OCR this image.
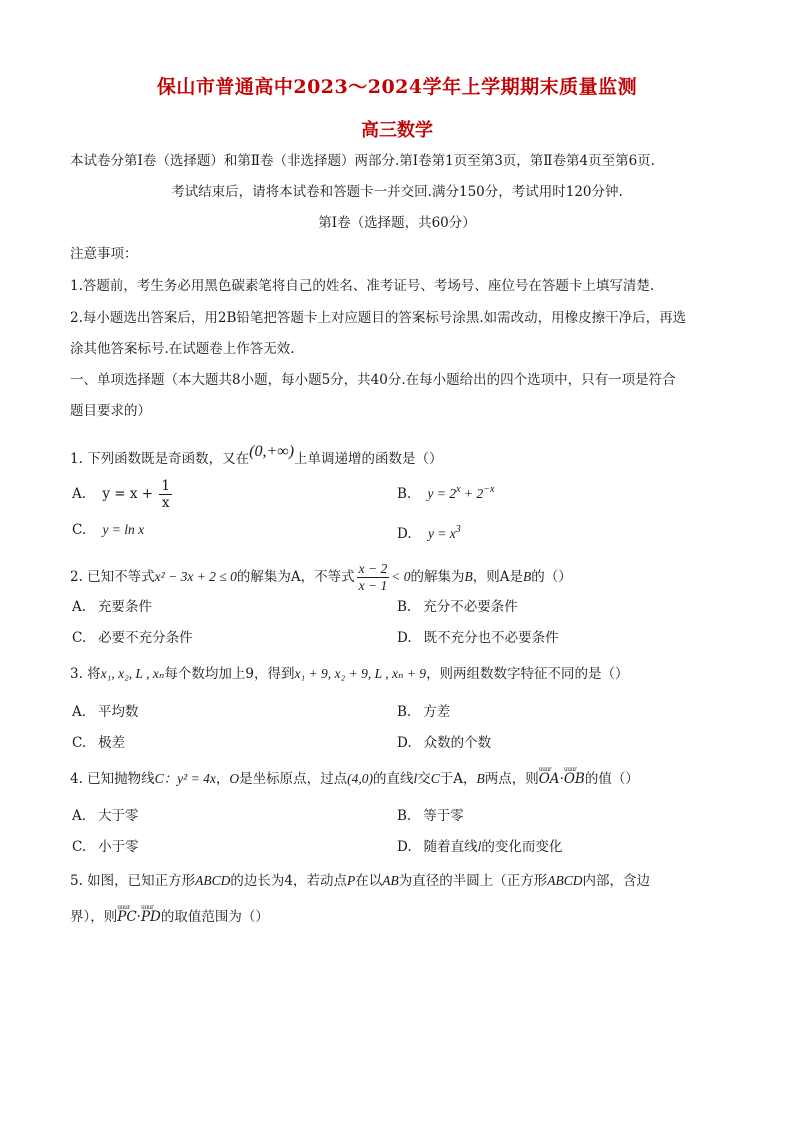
保山市普通高中2023～2024学年上学期期末质量监测
高三数学
本试卷分第Ⅰ卷（选择题）和第Ⅱ卷（非选择题）两部分.第Ⅰ卷第1页至第3页，第Ⅱ卷第4页至第6页.
考试结束后，请将本试卷和答题卡一并交回.满分150分，考试用时120分钟.
第Ⅰ卷（选择题，共60分）
注意事项：
1.答题前，考生务必用黑色碳素笔将自己的姓名、准考证号、考场号、座位号在答题卡上填写清楚.
2.每小题选出答案后，用2B铅笔把答题卡上对应题目的答案标号涂黑.如需改动，用橡皮擦干净后，再选
涂其他答案标号.在试题卷上作答无效.
一、单项选择题（本大题共8小题，每小题5分，共40分.在每小题给出的四个选项中，只有一项是符合
题目要求的）
1. 下列函数既是奇函数，又在(0,+∞)上单调递增的函数是（）
A. $y = x + \frac{1}{x}$	B. $y = 2^x + 2^{-x}$
C. y = ln x	D. $y = x^3$
2. 已知不等式x² − 3x + 2 ≤ 0的解集为A，不等式 $\frac{x - 2}{x - 1} < 0$的解集为B，则A是B的（）
A. 充要条件	B. 充分不必要条件
C. 必要不充分条件	D. 既不充分也不必要条件
3. 将x₁, x₂, L , xₙ每个数均加上9，得到x₁ + 9, x₂ + 9, L , xₙ + 9，则两组数数字特征不同的是（）
A. 平均数	B. 方差
C. 极差	D. 众数的个数
4. 已知抛物线C：y² = 4x，O是坐标原点，过点(4,0)的直线l交C于A，B两点，则uuur OA·uuur OB的值（）
A. 大于零	B. 等于零
C. 小于零	D. 随着直线l的变化而变化
5. 如图，已知正方形ABCD的边长为4，若动点P在以AB为直径的半圆上（正方形ABCD内部，含边
界），则uuur PC·uuur PD的取值范围为（）
